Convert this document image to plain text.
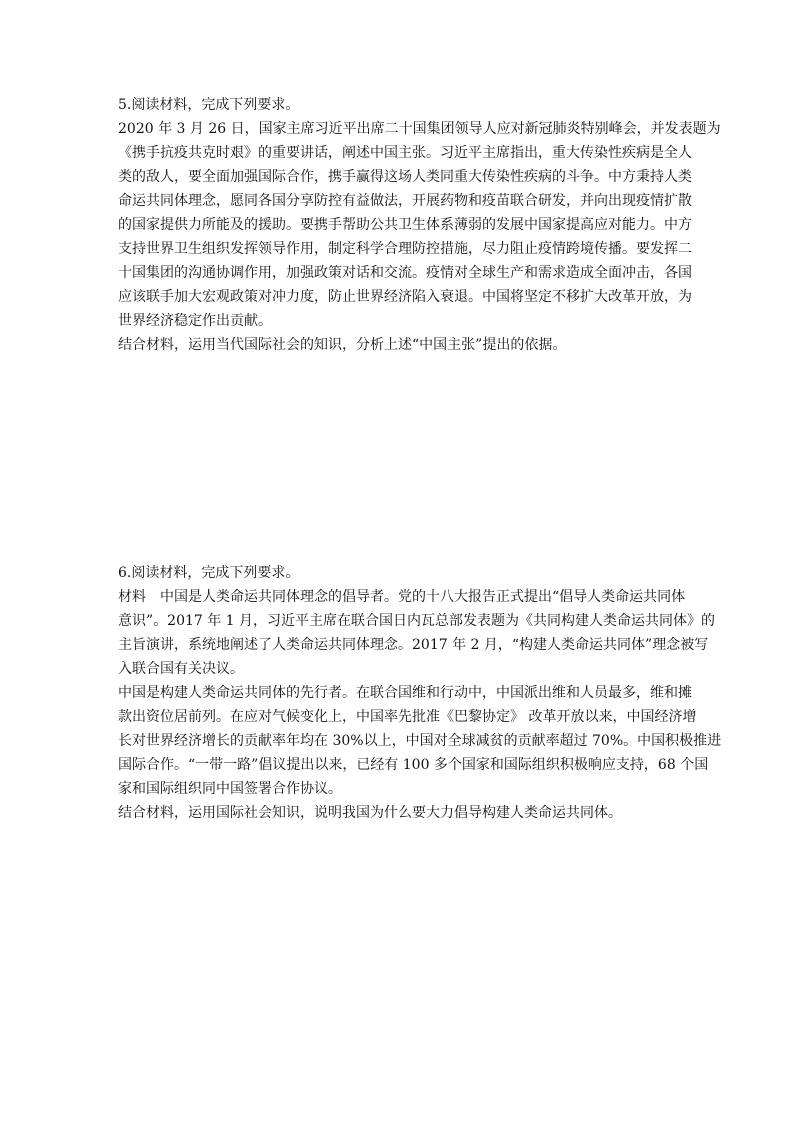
5.阅读材料，完成下列要求。
2020 年 3 月 26 日，国家主席习近平出席二十国集团领导人应对新冠肺炎特别峰会，并发表题为
《携手抗疫共克时艰》的重要讲话，阐述中国主张。习近平主席指出，重大传染性疾病是全人
类的敌人，要全面加强国际合作，携手赢得这场人类同重大传染性疾病的斗争。中方秉持人类
命运共同体理念，愿同各国分享防控有益做法，开展药物和疫苗联合研发，并向出现疫情扩散
的国家提供力所能及的援助。要携手帮助公共卫生体系薄弱的发展中国家提高应对能力。中方
支持世界卫生组织发挥领导作用，制定科学合理防控措施，尽力阻止疫情跨境传播。要发挥二
十国集团的沟通协调作用，加强政策对话和交流。疫情对全球生产和需求造成全面冲击，各国
应该联手加大宏观政策对冲力度，防止世界经济陷入衰退。中国将坚定不移扩大改革开放，为
世界经济稳定作出贡献。
结合材料，运用当代国际社会的知识，分析上述“中国主张”提出的依据。
6.阅读材料，完成下列要求。
材料　中国是人类命运共同体理念的倡导者。党的十八大报告正式提出“倡导人类命运共同体
意识”。2017 年 1 月，习近平主席在联合国日内瓦总部发表题为《共同构建人类命运共同体》的
主旨演讲，系统地阐述了人类命运共同体理念。2017 年 2 月，“构建人类命运共同体”理念被写
入联合国有关决议。
中国是构建人类命运共同体的先行者。在联合国维和行动中，中国派出维和人员最多，维和摊
款出资位居前列。在应对气候变化上，中国率先批准《巴黎协定》 改革开放以来，中国经济增
长对世界经济增长的贡献率年均在 30%以上，中国对全球减贫的贡献率超过 70%。中国积极推进
国际合作。“一带一路”倡议提出以来，已经有 100 多个国家和国际组织积极响应支持，68 个国
家和国际组织同中国签署合作协议。
结合材料，运用国际社会知识，说明我国为什么要大力倡导构建人类命运共同体。
